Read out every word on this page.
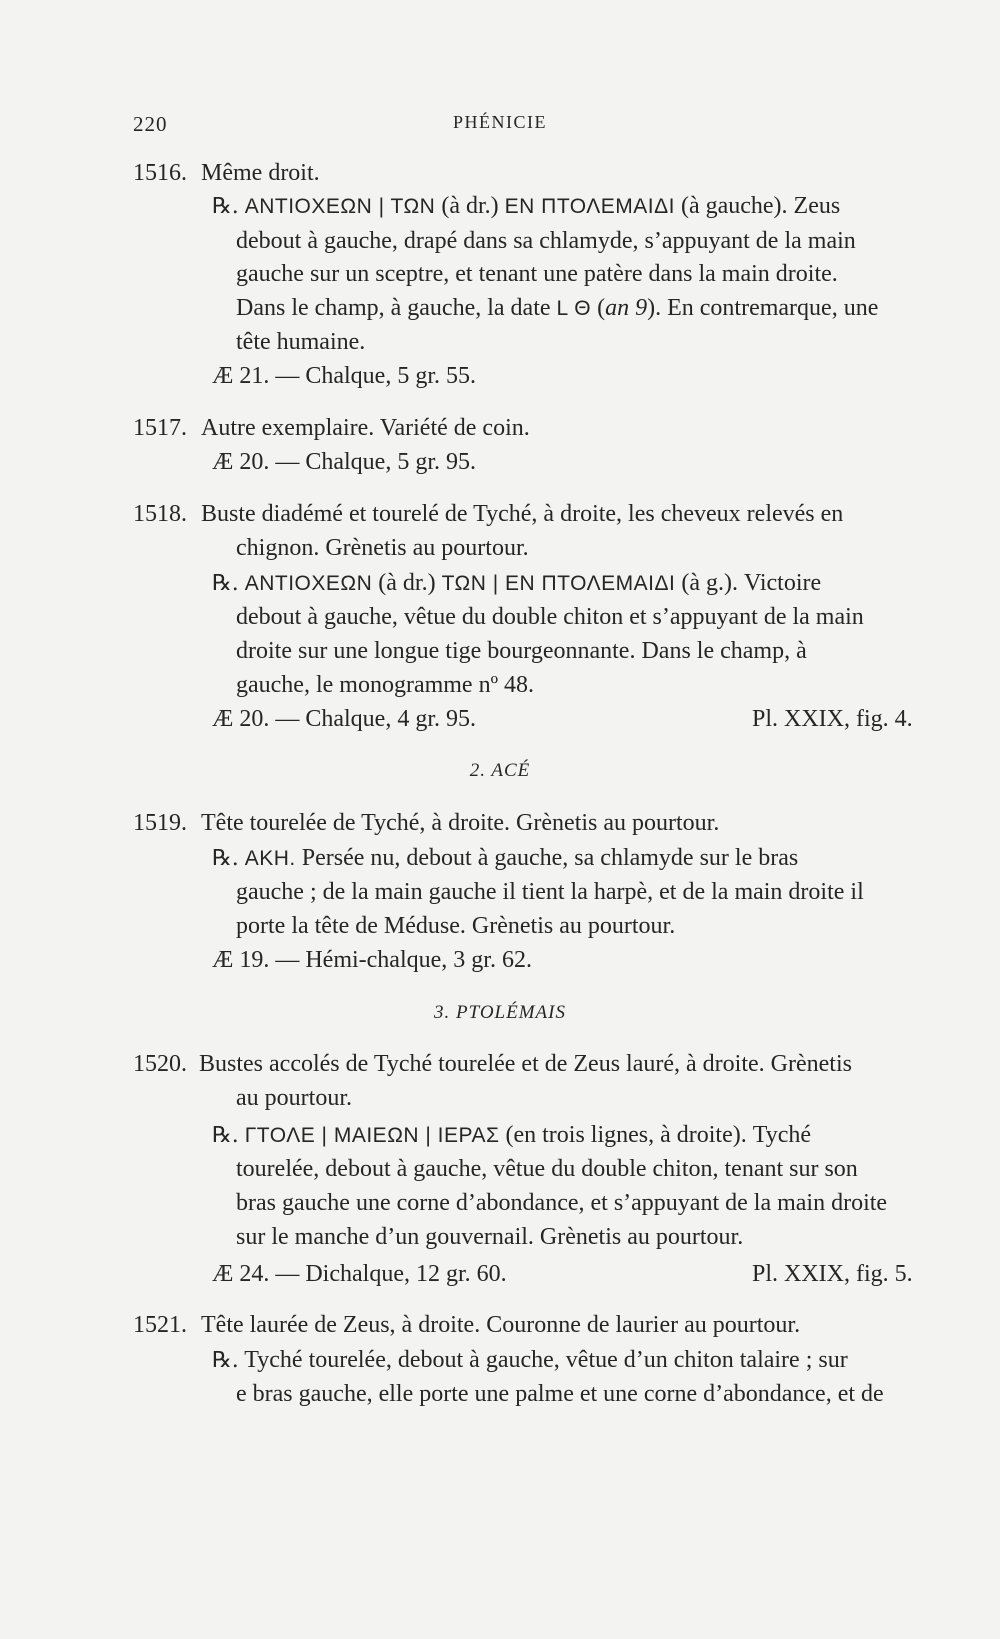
220	PHÉNICIE
1516. Même droit.
℞. ΑΝΤΙΟΧΕΩΝ | ΤΩΝ (à dr.) ΕΝ ΠΤΟΛΕΜΑΙΔΙ (à gauche). Zeus
debout à gauche, drapé dans sa chlamyde, s’appuyant de la main
gauche sur un sceptre, et tenant une patère dans la main droite.
Dans le champ, à gauche, la date L Θ (an 9). En contremarque, une
tête humaine.
Æ 21. — Chalque, 5 gr. 55.
1517. Autre exemplaire. Variété de coin.
Æ 20. — Chalque, 5 gr. 95.
1518. Buste diadémé et tourelé de Tyché, à droite, les cheveux relevés en
chignon. Grènetis au pourtour.
℞. ΑΝΤΙΟΧΕΩΝ (à dr.) ΤΩΝ | ΕΝ ΠΤΟΛΕΜΑΙΔΙ (à g.). Victoire
debout à gauche, vêtue du double chiton et s’appuyant de la main
droite sur une longue tige bourgeonnante. Dans le champ, à
gauche, le monogramme nº 48.
Æ 20. — Chalque, 4 gr. 95.	Pl. XXIX, fig. 4.
2. ACÉ
1519. Tête tourelée de Tyché, à droite. Grènetis au pourtour.
℞. ΑΚΗ. Persée nu, debout à gauche, sa chlamyde sur le bras
gauche ; de la main gauche il tient la harpè, et de la main droite il
porte la tête de Méduse. Grènetis au pourtour.
Æ 19. — Hémi-chalque, 3 gr. 62.
3. PTOLÉMAIS
1520. Bustes accolés de Tyché tourelée et de Zeus lauré, à droite. Grènetis
au pourtour.
℞. ΓΤΟΛΕ | ΜΑΙΕΩΝ | ΙΕΡΑΣ (en trois lignes, à droite). Tyché
tourelée, debout à gauche, vêtue du double chiton, tenant sur son
bras gauche une corne d’abondance, et s’appuyant de la main droite
sur le manche d’un gouvernail. Grènetis au pourtour.
Æ 24. — Dichalque, 12 gr. 60.	Pl. XXIX, fig. 5.
1521. Tête laurée de Zeus, à droite. Couronne de laurier au pourtour.
℞. Tyché tourelée, debout à gauche, vêtue d’un chiton talaire ; sur
e bras gauche, elle porte une palme et une corne d’abondance, et de
